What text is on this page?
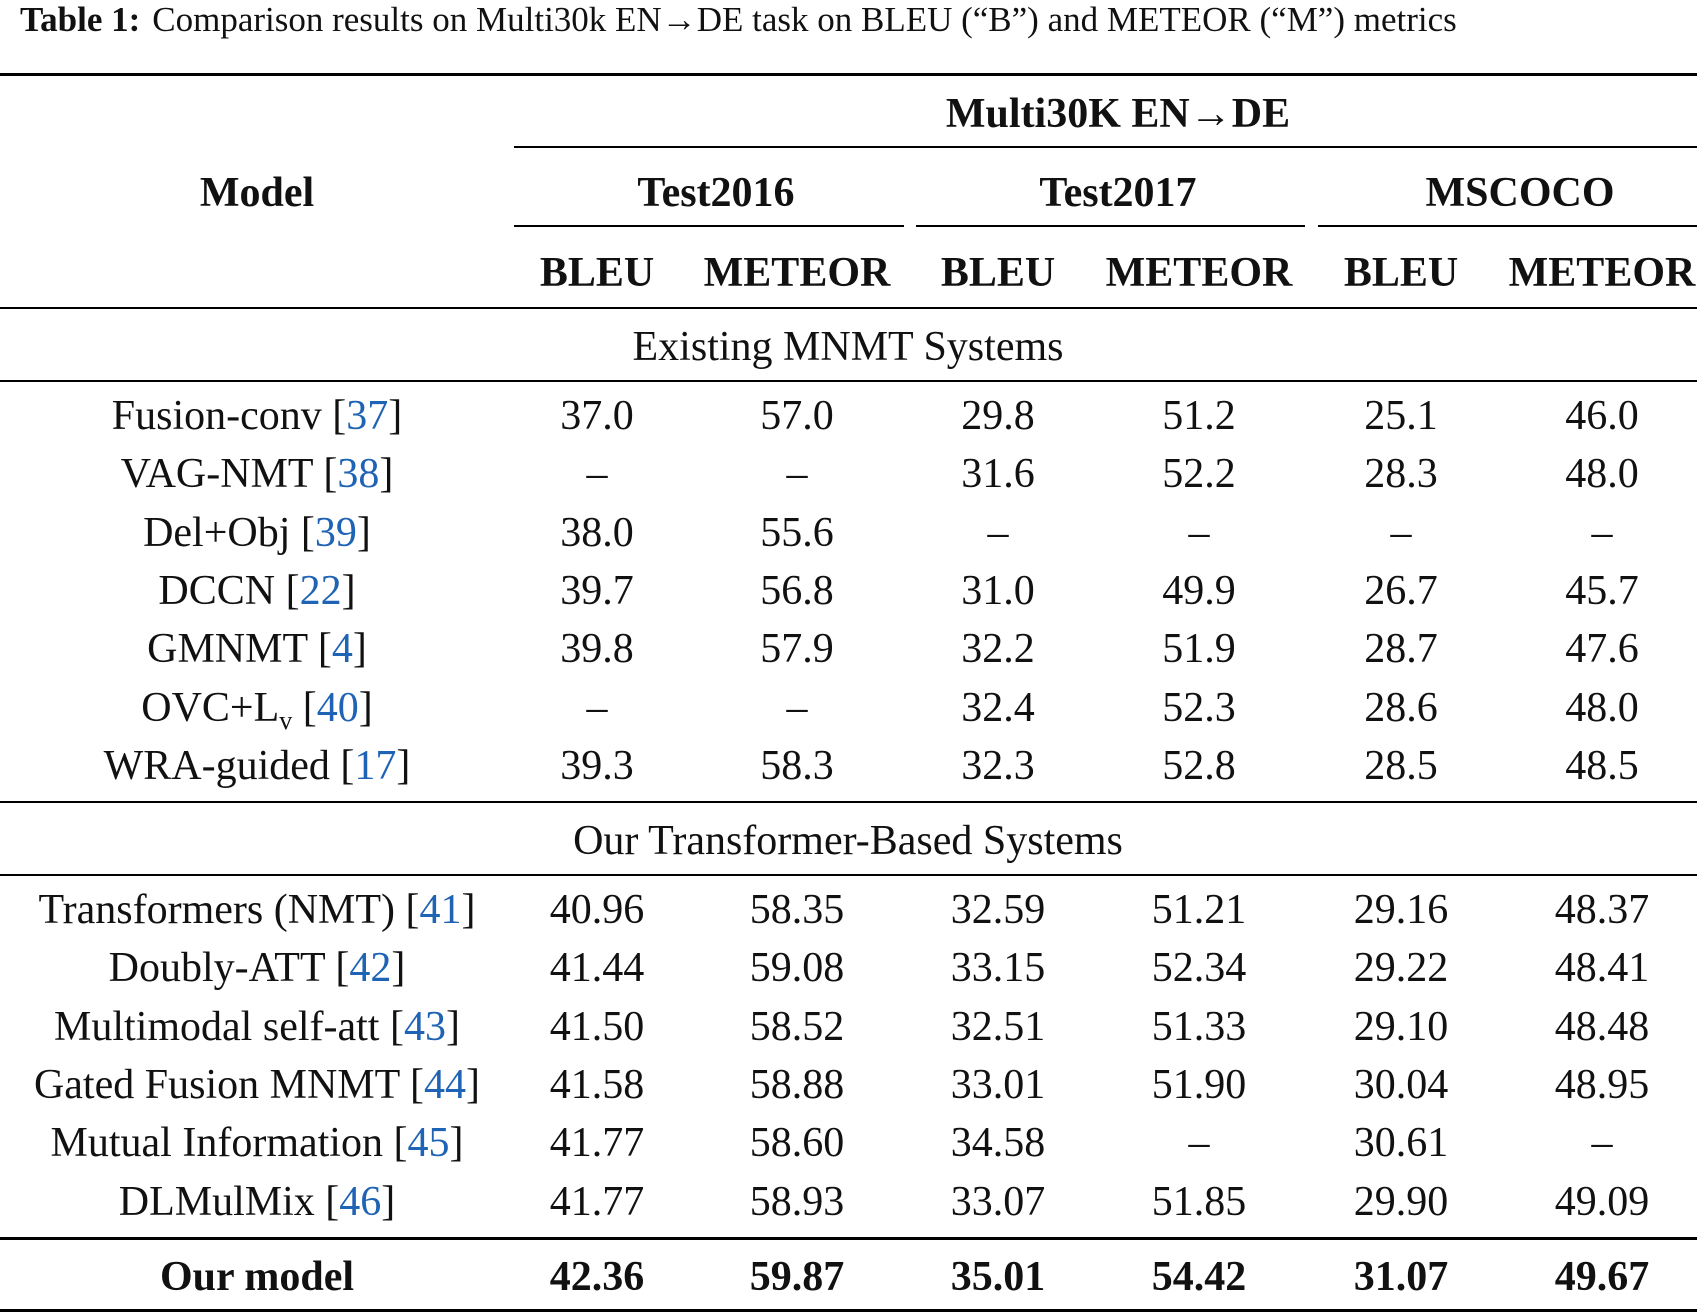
Table 1: Comparison results on Multi30k EN→DE task on BLEU (“B”) and METEOR (“M”) metrics
Model
Multi30K EN→DE
Test2016	Test2017	MSCOCO
BLEU METEOR BLEU METEOR BLEU METEOR
Existing MNMT Systems
Fusion-conv [37]	37.0	57.0	29.8	51.2	25.1	46.0
VAG-NMT [38]	–	–	31.6	52.2	28.3	48.0
Del+Obj [39]	38.0	55.6	–	–	–	–
DCCN [22]	39.7	56.8	31.0	49.9	26.7	45.7
GMNMT [4]	39.8	57.9	32.2	51.9	28.7	47.6
$OVC+L_v$ [40]	–	–	32.4	52.3	28.6	48.0
WRA-guided [17]	39.3	58.3	32.3	52.8	28.5	48.5
Our Transformer-Based Systems
Transformers (NMT) [41] 40.96	58.35	32.59	51.21	29.16	48.37
Doubly-ATT [42]	41.44	59.08	33.15	52.34	29.22	48.41
Multimodal self-att [43] 41.50	58.52	32.51	51.33	29.10	48.48
Gated Fusion MNMT [44] 41.58	58.88	33.01	51.90	30.04	48.95
Mutual Information [45] 41.77	58.60	34.58	–	30.61	–
DLMulMix [46]	41.77	58.93	33.07	51.85	29.90	49.09
Our model	42.36	59.87	35.01	54.42	31.07	49.67
